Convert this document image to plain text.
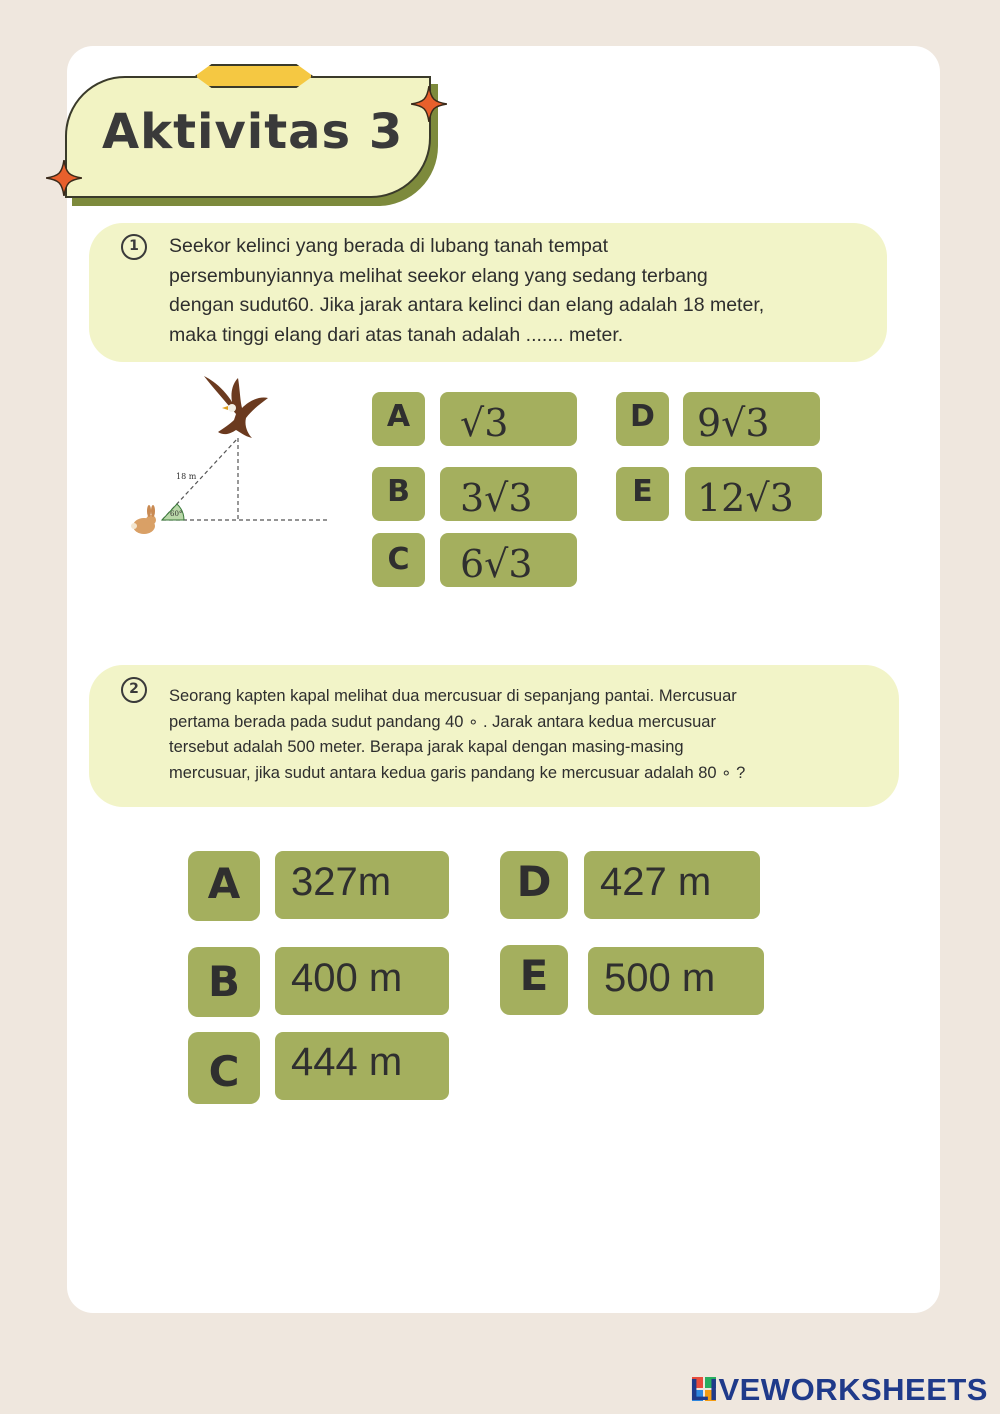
Aktivitas 3
1	Seekor kelinci yang berada di lubang tanah tempat
persembunyiannya melihat seekor elang yang sedang terbang
dengan sudut60. Jika jarak antara kelinci dan elang adalah 18 meter,
maka tinggi elang dari atas tanah adalah ....... meter.
18 m
60°
A	√3
B	3√3
C	6√3
D	9√3
E	12√3
2	Seorang kapten kapal melihat dua mercusuar di sepanjang pantai. Mercusuar
pertama berada pada sudut pandang 40 ∘ . Jarak antara kedua mercusuar
tersebut adalah 500 meter. Berapa jarak kapal dengan masing-masing
mercusuar, jika sudut antara kedua garis pandang ke mercusuar adalah 80 ∘ ?
A	327m
B	400 m
C	444 m
D	427 m
E	500 m
LIVEWORKSHEETS
